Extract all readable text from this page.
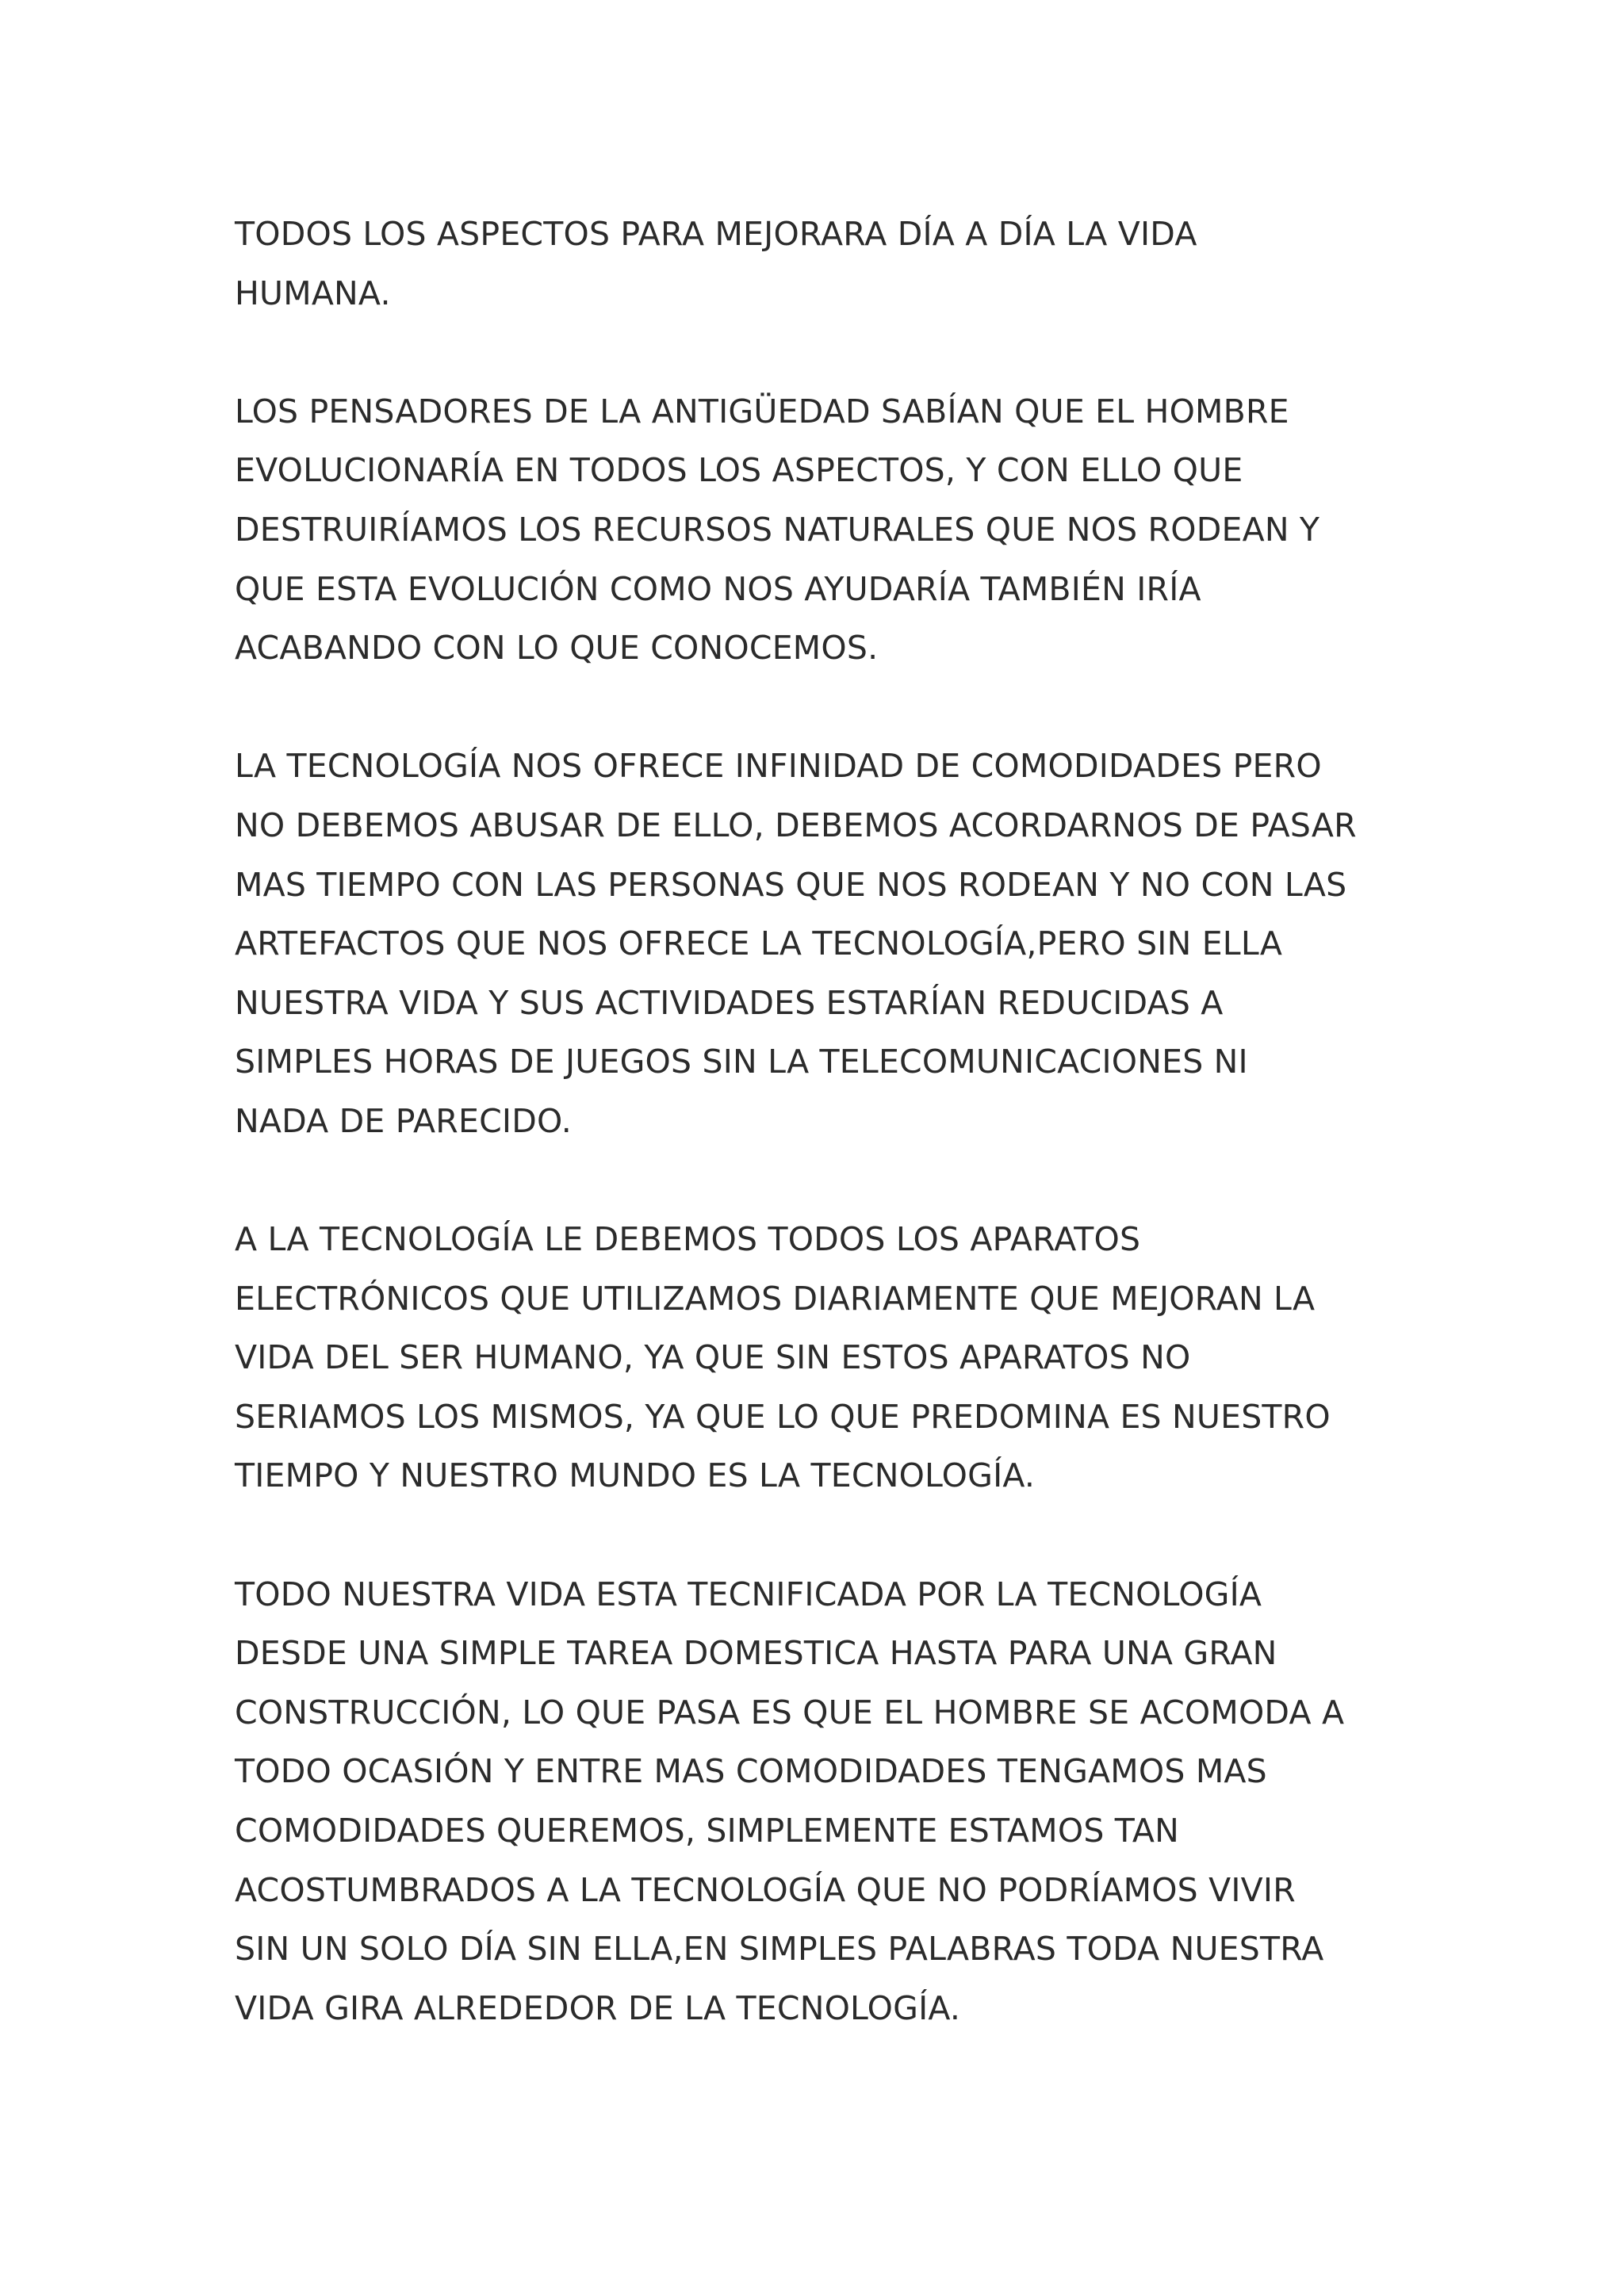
TODOS LOS ASPECTOS PARA MEJORARA DÍA A DÍA LA VIDA
HUMANA.

LOS PENSADORES DE LA ANTIGÜEDAD SABÍAN QUE EL HOMBRE
EVOLUCIONARÍA EN TODOS LOS ASPECTOS, Y CON ELLO QUE
DESTRUIRÍAMOS LOS RECURSOS NATURALES QUE NOS RODEAN Y
QUE ESTA EVOLUCIÓN COMO NOS AYUDARÍA TAMBIÉN IRÍA
ACABANDO CON LO QUE CONOCEMOS.

LA TECNOLOGÍA NOS OFRECE INFINIDAD DE COMODIDADES PERO
NO DEBEMOS ABUSAR DE ELLO, DEBEMOS ACORDARNOS DE PASAR
MAS TIEMPO CON LAS PERSONAS QUE NOS RODEAN Y NO CON LAS
ARTEFACTOS QUE NOS OFRECE LA TECNOLOGÍA,PERO SIN ELLA
NUESTRA VIDA Y SUS ACTIVIDADES ESTARÍAN REDUCIDAS A
SIMPLES HORAS DE JUEGOS SIN LA TELECOMUNICACIONES NI
NADA DE PARECIDO.

A LA TECNOLOGÍA LE DEBEMOS TODOS LOS APARATOS
ELECTRÓNICOS QUE UTILIZAMOS DIARIAMENTE QUE MEJORAN LA
VIDA DEL SER HUMANO, YA QUE SIN ESTOS APARATOS NO
SERIAMOS LOS MISMOS, YA QUE LO QUE PREDOMINA ES NUESTRO
TIEMPO Y NUESTRO MUNDO ES LA TECNOLOGÍA.

TODO NUESTRA VIDA ESTA TECNIFICADA POR LA TECNOLOGÍA
DESDE UNA SIMPLE TAREA DOMESTICA HASTA PARA UNA GRAN
CONSTRUCCIÓN, LO QUE PASA ES QUE EL HOMBRE SE ACOMODA A
TODO OCASIÓN Y ENTRE MAS COMODIDADES TENGAMOS MAS
COMODIDADES QUEREMOS, SIMPLEMENTE ESTAMOS TAN
ACOSTUMBRADOS A LA TECNOLOGÍA QUE NO PODRÍAMOS VIVIR
SIN UN SOLO DÍA SIN ELLA,EN SIMPLES PALABRAS TODA NUESTRA
VIDA GIRA ALREDEDOR DE LA TECNOLOGÍA.
